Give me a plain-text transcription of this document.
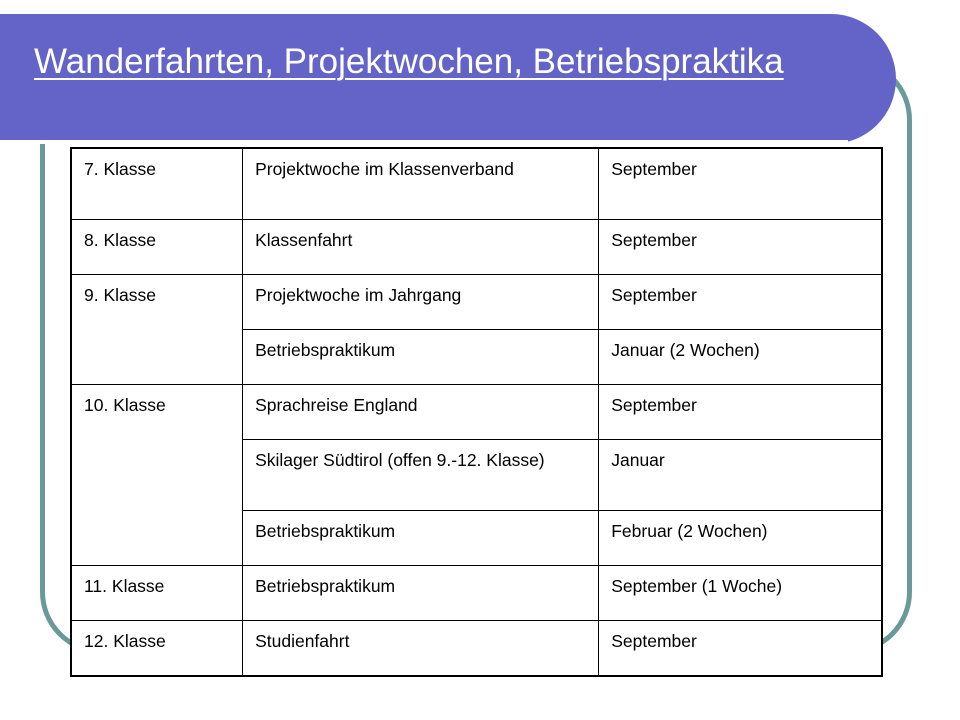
Wanderfahrten, Projektwochen, Betriebspraktika
7. Klasse	Projektwoche im Klassenverband	September
8. Klasse	Klassenfahrt	September
9. Klasse	Projektwoche im Jahrgang	September
	Betriebspraktikum	Januar (2 Wochen)
10. Klasse	Sprachreise England	September
	Skilager Südtirol (offen 9.-12. Klasse)	Januar
	Betriebspraktikum	Februar (2 Wochen)
11. Klasse	Betriebspraktikum	September (1 Woche)
12. Klasse	Studienfahrt	September
